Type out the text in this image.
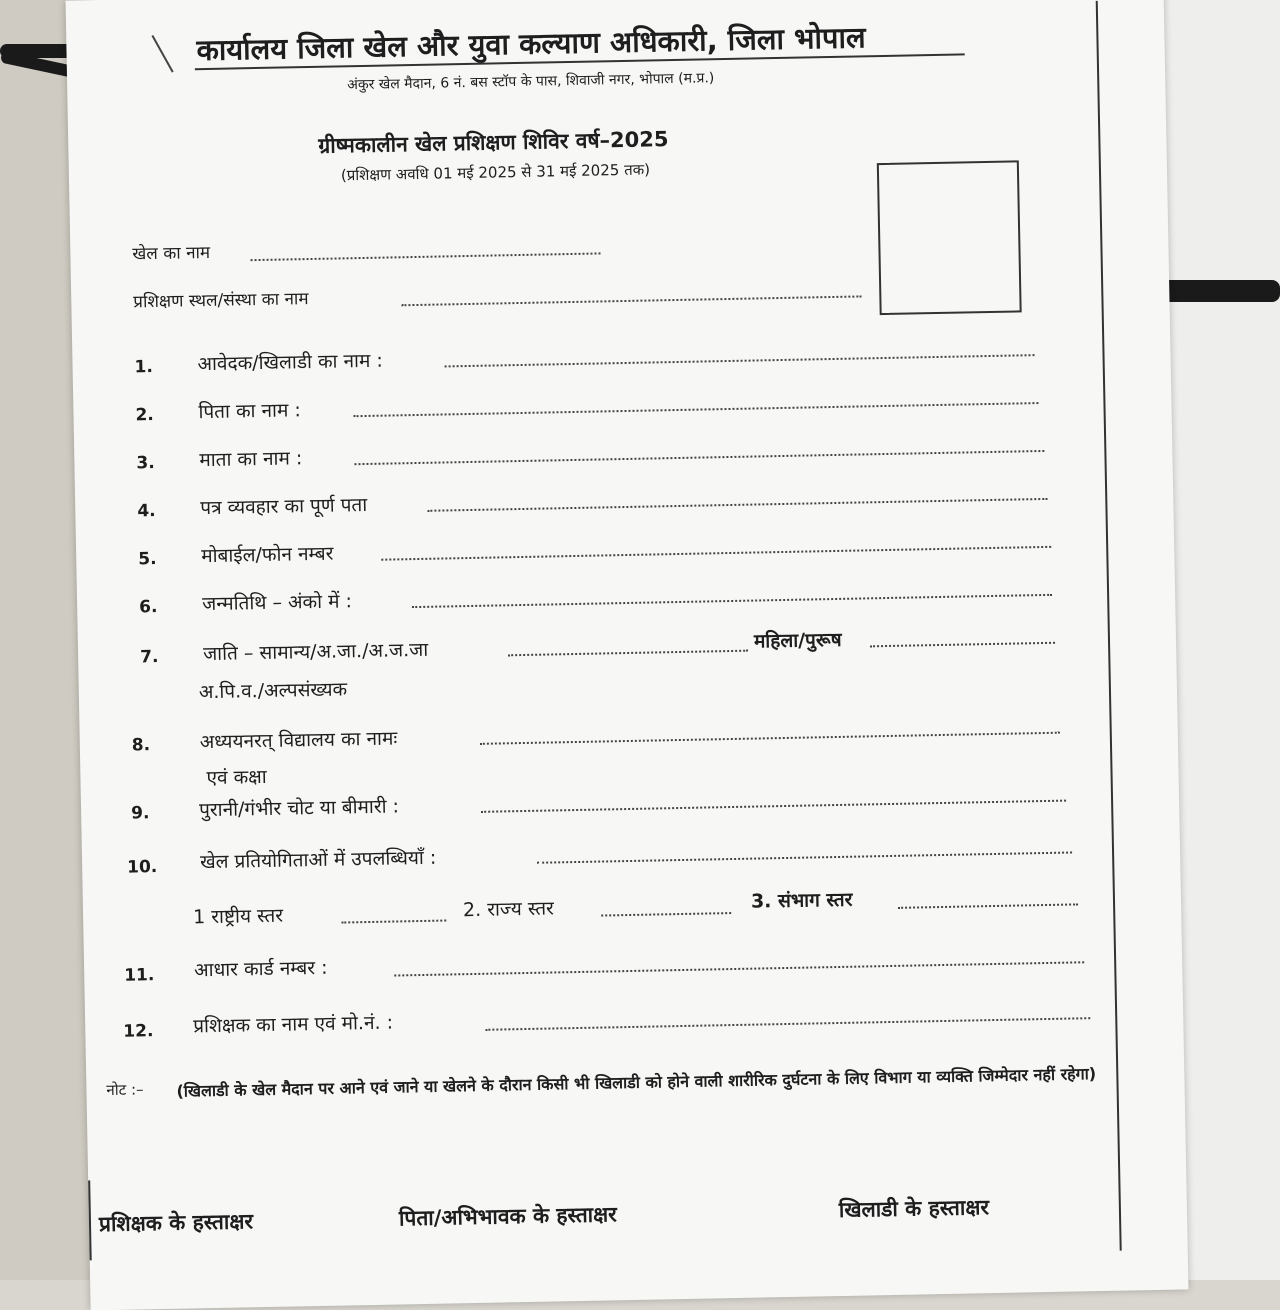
कार्यालय जिला खेल और युवा कल्याण अधिकारी, जिला भोपाल
अंकुर खेल मैदान, 6 नं. बस स्टॉप के पास, शिवाजी नगर, भोपाल (म.प्र.)
ग्रीष्मकालीन खेल प्रशिक्षण शिविर वर्ष–2025
(प्रशिक्षण अवधि 01 मई 2025 से 31 मई 2025 तक)
खेल का नाम
प्रशिक्षण स्थल/संस्था का नाम
1. आवेदक/खिलाडी का नाम :
2. पिता का नाम :
3. माता का नाम :
4. पत्र व्यवहार का पूर्ण पता
5. मोबाईल/फोन नम्बर
6. जन्मतिथि – अंको में :
7. जाति – सामान्य/अ.जा./अ.ज.जा	महिला/पुरूष
अ.पि.व./अल्पसंख्यक
8.	अध्ययनरत् विद्यालय का नामः
एवं कक्षा
9.	पुरानी/गंभीर चोट या बीमारी :
10. खेल प्रतियोगिताओं में उपलब्धियाँ :
1 राष्ट्रीय स्तर	2. राज्य स्तर	3. संभाग स्तर
11. आधार कार्ड नम्बर :
12. प्रशिक्षक का नाम एवं मो.नं. :
नोट :– (खिलाडी के खेल मैदान पर आने एवं जाने या खेलने के दौरान किसी भी खिलाडी को होने वाली शारीरिक दुर्घटना के लिए विभाग या व्यक्ति जिम्मेदार नहीं रहेगा)
प्रशिक्षक के हस्ताक्षर	पिता/अभिभावक के हस्ताक्षर	खिलाडी के हस्ताक्षर
